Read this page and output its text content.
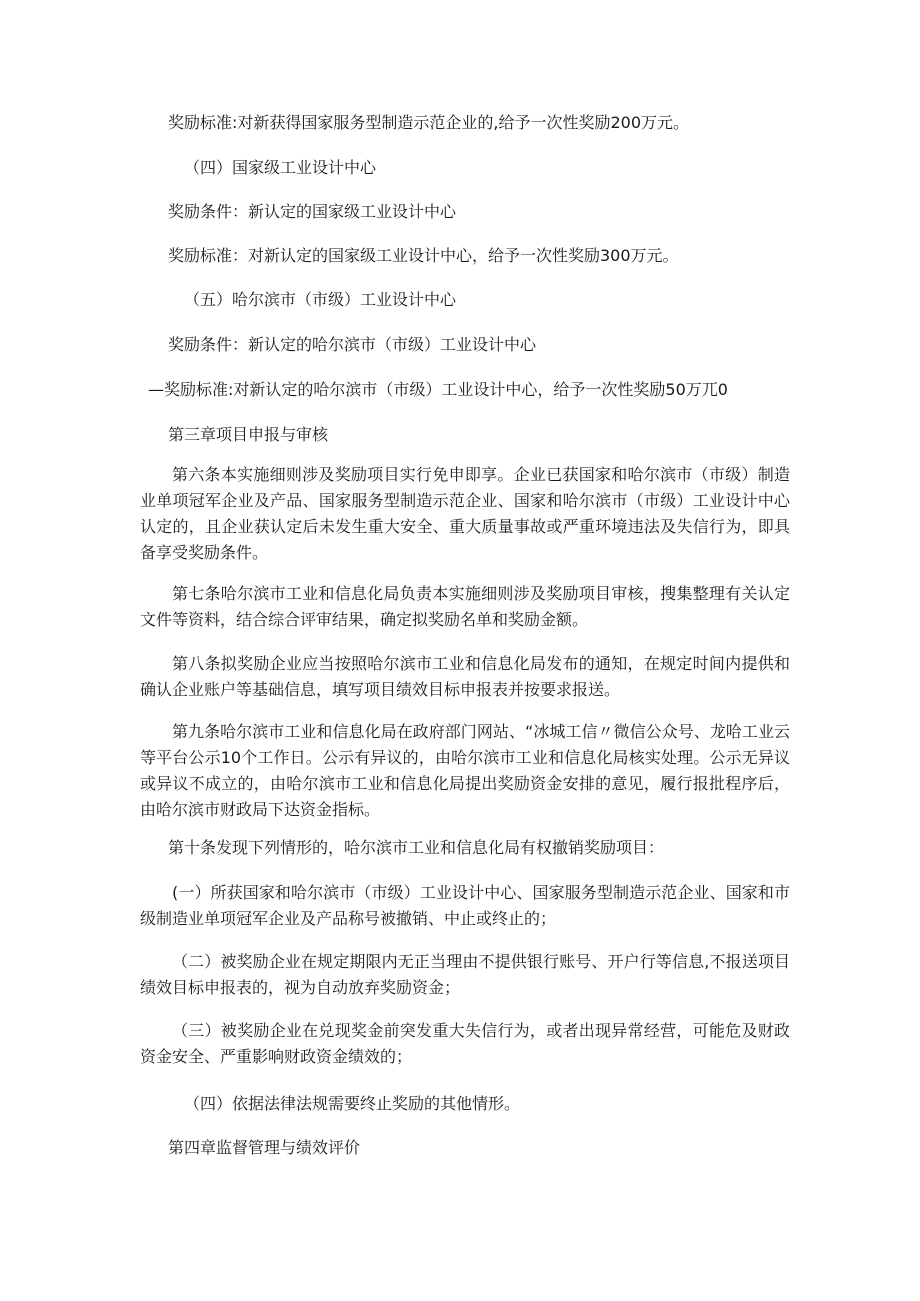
奖励标准:对新获得国家服务型制造示范企业的,给予一次性奖励200万元。
（四）国家级工业设计中心
奖励条件：新认定的国家级工业设计中心
奖励标准：对新认定的国家级工业设计中心，给予一次性奖励300万元。
（五）哈尔滨市（市级）工业设计中心
奖励条件：新认定的哈尔滨市（市级）工业设计中心
—奖励标准:对新认定的哈尔滨市（市级）工业设计中心，给予一次性奖励50万兀0
第三章项目申报与审核
第六条本实施细则涉及奖励项目实行免申即享。企业已获国家和哈尔滨市（市级）制造业单项冠军企业及产品、国家服务型制造示范企业、国家和哈尔滨市（市级）工业设计中心认定的，且企业获认定后未发生重大安全、重大质量事故或严重环境违法及失信行为，即具备享受奖励条件。
第七条哈尔滨市工业和信息化局负责本实施细则涉及奖励项目审核，搜集整理有关认定文件等资料，结合综合评审结果，确定拟奖励名单和奖励金额。
第八条拟奖励企业应当按照哈尔滨市工业和信息化局发布的通知，在规定时间内提供和确认企业账户等基础信息，填写项目绩效目标申报表并按要求报送。
第九条哈尔滨市工业和信息化局在政府部门网站、“冰城工信〃微信公众号、龙哈工业云等平台公示10个工作日。公示有异议的，由哈尔滨市工业和信息化局核实处理。公示无异议或异议不成立的，由哈尔滨市工业和信息化局提出奖励资金安排的意见，履行报批程序后，由哈尔滨市财政局下达资金指标。
第十条发现下列情形的，哈尔滨市工业和信息化局有权撤销奖励项目：
(一）所获国家和哈尔滨市（市级）工业设计中心、国家服务型制造示范企业、国家和市级制造业单项冠军企业及产品称号被撤销、中止或终止的；
（二）被奖励企业在规定期限内无正当理由不提供银行账号、开户行等信息,不报送项目绩效目标申报表的，视为自动放弃奖励资金；
（三）被奖励企业在兑现奖金前突发重大失信行为，或者出现异常经营，可能危及财政资金安全、严重影响财政资金绩效的；
（四）依据法律法规需要终止奖励的其他情形。
第四章监督管理与绩效评价
